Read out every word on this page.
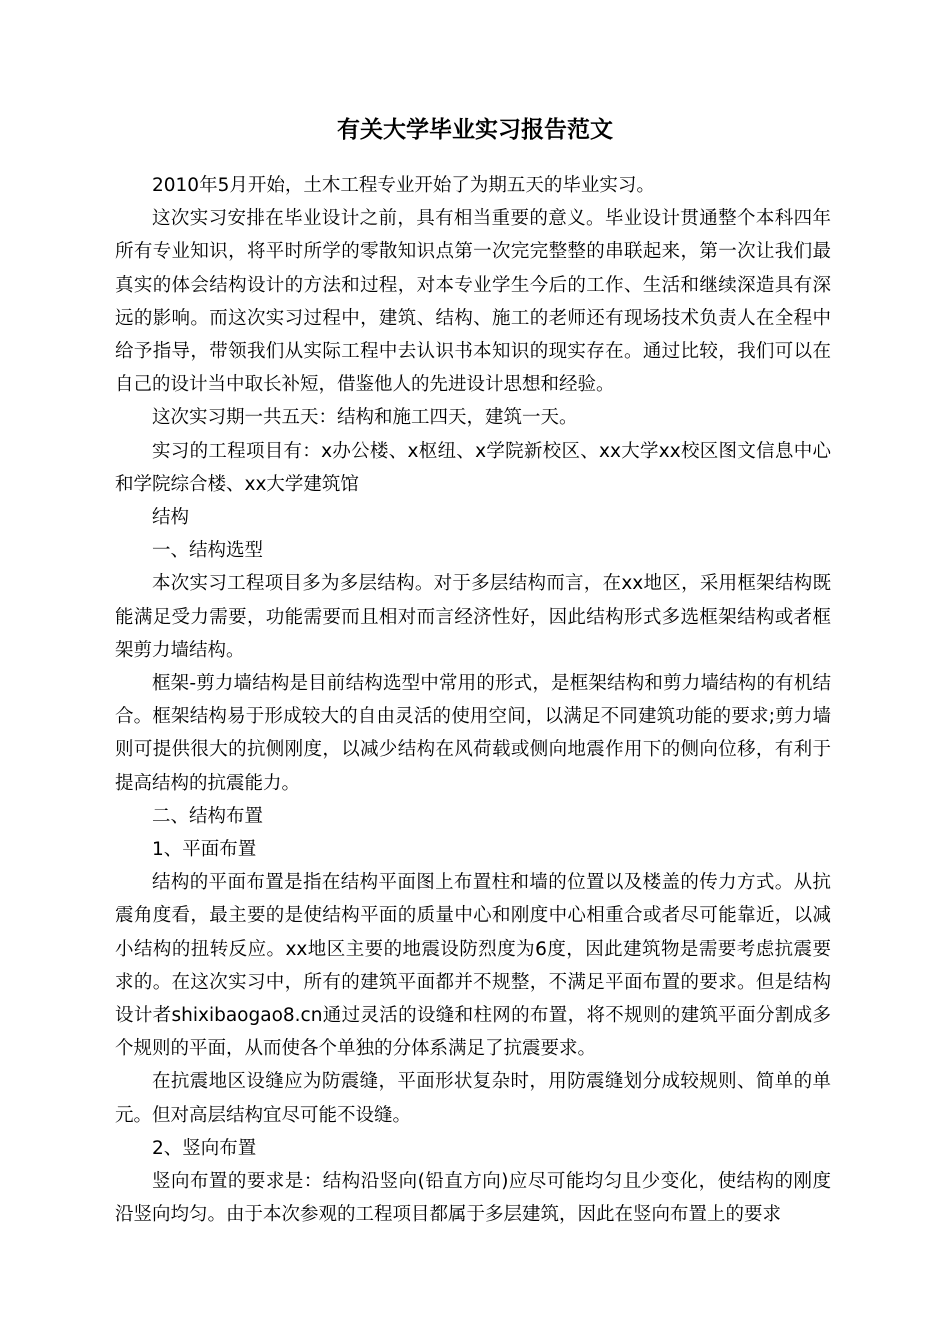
有关大学毕业实习报告范文

2010年5月开始，土木工程专业开始了为期五天的毕业实习。

这次实习安排在毕业设计之前，具有相当重要的意义。毕业设计贯通整个本科四年所有专业知识，将平时所学的零散知识点第一次完完整整的串联起来，第一次让我们最真实的体会结构设计的方法和过程，对本专业学生今后的工作、生活和继续深造具有深远的影响。而这次实习过程中，建筑、结构、施工的老师还有现场技术负责人在全程中给予指导，带领我们从实际工程中去认识书本知识的现实存在。通过比较，我们可以在自己的设计当中取长补短，借鉴他人的先进设计思想和经验。

这次实习期一共五天：结构和施工四天，建筑一天。

实习的工程项目有：x办公楼、x枢纽、x学院新校区、xx大学xx校区图文信息中心和学院综合楼、xx大学建筑馆

结构

一、结构选型

本次实习工程项目多为多层结构。对于多层结构而言，在xx地区，采用框架结构既能满足受力需要，功能需要而且相对而言经济性好，因此结构形式多选框架结构或者框架剪力墙结构。

框架-剪力墙结构是目前结构选型中常用的形式，是框架结构和剪力墙结构的有机结合。框架结构易于形成较大的自由灵活的使用空间，以满足不同建筑功能的要求;剪力墙则可提供很大的抗侧刚度，以减少结构在风荷载或侧向地震作用下的侧向位移，有利于提高结构的抗震能力。

二、结构布置

1、平面布置

结构的平面布置是指在结构平面图上布置柱和墙的位置以及楼盖的传力方式。从抗震角度看，最主要的是使结构平面的质量中心和刚度中心相重合或者尽可能靠近，以减小结构的扭转反应。xx地区主要的地震设防烈度为6度，因此建筑物是需要考虑抗震要求的。在这次实习中，所有的建筑平面都并不规整，不满足平面布置的要求。但是结构设计者shixibaogao8.cn通过灵活的设缝和柱网的布置，将不规则的建筑平面分割成多个规则的平面，从而使各个单独的分体系满足了抗震要求。

在抗震地区设缝应为防震缝，平面形状复杂时，用防震缝划分成较规则、简单的单元。但对高层结构宜尽可能不设缝。

2、竖向布置

竖向布置的要求是：结构沿竖向(铅直方向)应尽可能均匀且少变化，使结构的刚度沿竖向均匀。由于本次参观的工程项目都属于多层建筑，因此在竖向布置上的要求
